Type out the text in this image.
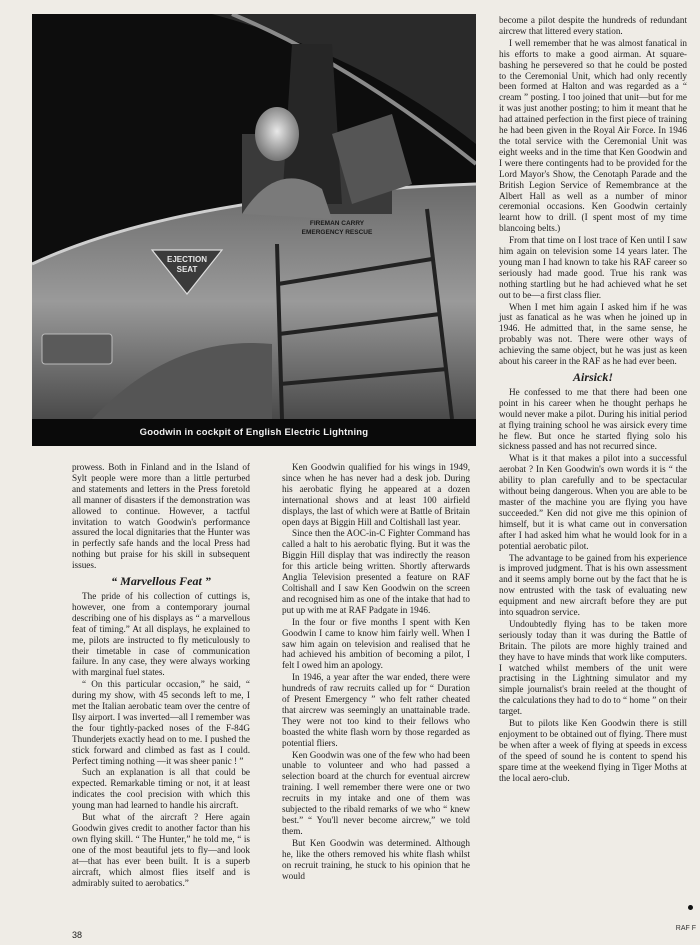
EJECTION
SEAT
FIREMAN CARRY
EMERGENCY RESCUE
Goodwin in cockpit of English Electric Lightning

prowess. Both in Finland and in the Island of Sylt people were more than a little perturbed and statements and letters in the Press foretold all manner of disasters if the demonstration was allowed to continue. However, a tactful invitation to watch Goodwin's performance assured the local dignitaries that the Hunter was in perfectly safe hands and the local Press had nothing but praise for his skill in subsequent issues.

“ Marvellous Feat ”

The pride of his collection of cuttings is, however, one from a contemporary journal describing one of his displays as “ a marvellous feat of timing.” At all displays, he explained to me, pilots are instructed to fly meticulously to their timetable in case of communication failure. In any case, they were always working with marginal fuel states.

“ On this particular occasion,” he said, “ during my show, with 45 seconds left to me, I met the Italian aerobatic team over the centre of Ilsy airport. I was inverted—all I remember was the four tightly-packed noses of the F-84G Thunderjets exactly head on to me. I pushed the stick forward and climbed as fast as I could. Perfect timing nothing —it was sheer panic ! ”

Such an explanation is all that could be expected. Remarkable timing or not, it at least indicates the cool precision with which this young man had learned to handle his aircraft.

But what of the aircraft ? Here again Goodwin gives credit to another factor than his own flying skill. “ The Hunter,” he told me, “ is one of the most beautiful jets to fly—and look at—that has ever been built. It is a superb aircraft, which almost flies itself and is admirably suited to aerobatics.”

Ken Goodwin qualified for his wings in 1949, since when he has never had a desk job. During his aerobatic flying he appeared at a dozen international shows and at least 100 airfield displays, the last of which were at Battle of Britain open days at Biggin Hill and Coltishall last year.

Since then the AOC-in-C Fighter Command has called a halt to his aerobatic flying. But it was the Biggin Hill display that was indirectly the reason for this article being written. Shortly afterwards Anglia Television presented a feature on RAF Coltishall and I saw Ken Goodwin on the screen and recognised him as one of the intake that had to put up with me at RAF Padgate in 1946.

In the four or five months I spent with Ken Goodwin I came to know him fairly well. When I saw him again on television and realised that he had achieved his ambition of becoming a pilot, I felt I owed him an apology.

In 1946, a year after the war ended, there were hundreds of raw recruits called up for “ Duration of Present Emergency ” who felt rather cheated that aircrew was seemingly an unattainable trade. They were not too kind to their fellows who boasted the white flash worn by those regarded as potential fliers.

Ken Goodwin was one of the few who had been unable to volunteer and who had passed a selection board at the church for eventual aircrew training. I well remember there were one or two recruits in my intake and one of them was subjected to the ribald remarks of we who “ knew best.” “ You'll never become aircrew,” we told them.

But Ken Goodwin was determined. Although he, like the others removed his white flash whilst on recruit training, he stuck to his opinion that he would

become a pilot despite the hundreds of redundant aircrew that littered every station.

I well remember that he was almost fanatical in his efforts to make a good airman. At square-bashing he persevered so that he could be posted to the Ceremonial Unit, which had only recently been formed at Halton and was regarded as a “ cream ” posting. I too joined that unit—but for me it was just another posting; to him it meant that he had attained perfection in the first piece of training he had been given in the Royal Air Force. In 1946 the total service with the Ceremonial Unit was eight weeks and in the time that Ken Goodwin and I were there contingents had to be provided for the Lord Mayor's Show, the Cenotaph Parade and the British Legion Service of Remembrance at the Albert Hall as well as a number of minor ceremonial occasions. Ken Goodwin certainly learnt how to drill. (I spent most of my time blancoing belts.)

From that time on I lost trace of Ken until I saw him again on television some 14 years later. The young man I had known to take his RAF career so seriously had made good. True his rank was nothing startling but he had achieved what he set out to be—a first class flier.

When I met him again I asked him if he was just as fanatical as he was when he joined up in 1946. He admitted that, in the same sense, he probably was not. There were other ways of achieving the same object, but he was just as keen about his career in the RAF as he had ever been.

Airsick!

He confessed to me that there had been one point in his career when he thought perhaps he would never make a pilot. During his initial period at flying training school he was airsick every time he flew. But once he started flying solo his sickness passed and has not recurred since.

What is it that makes a pilot into a successful aerobat ? In Ken Goodwin's own words it is “ the ability to plan carefully and to be spectacular without being dangerous. When you are able to be master of the machine you are flying you have succeeded.” Ken did not give me this opinion of himself, but it is what came out in conversation after I had asked him what he would look for in a potential aerobatic pilot.

The advantage to be gained from his experience is improved judgment. That is his own assessment and it seems amply borne out by the fact that he is now entrusted with the task of evaluating new equipment and new aircraft before they are put into squadron service.

Undoubtedly flying has to be taken more seriously today than it was during the Battle of Britain. The pilots are more highly trained and they have to have minds that work like computers. I watched whilst members of the unit were practising in the Lightning simulator and my simple journalist's brain reeled at the thought of the calculations they had to do to “ home ” on their target.

But to pilots like Ken Goodwin there is still enjoyment to be obtained out of flying. There must be when after a week of flying at speeds in excess of the speed of sound he is content to spend his spare time at the weekend flying in Tiger Moths at the local aero-club.

38
RAF F
